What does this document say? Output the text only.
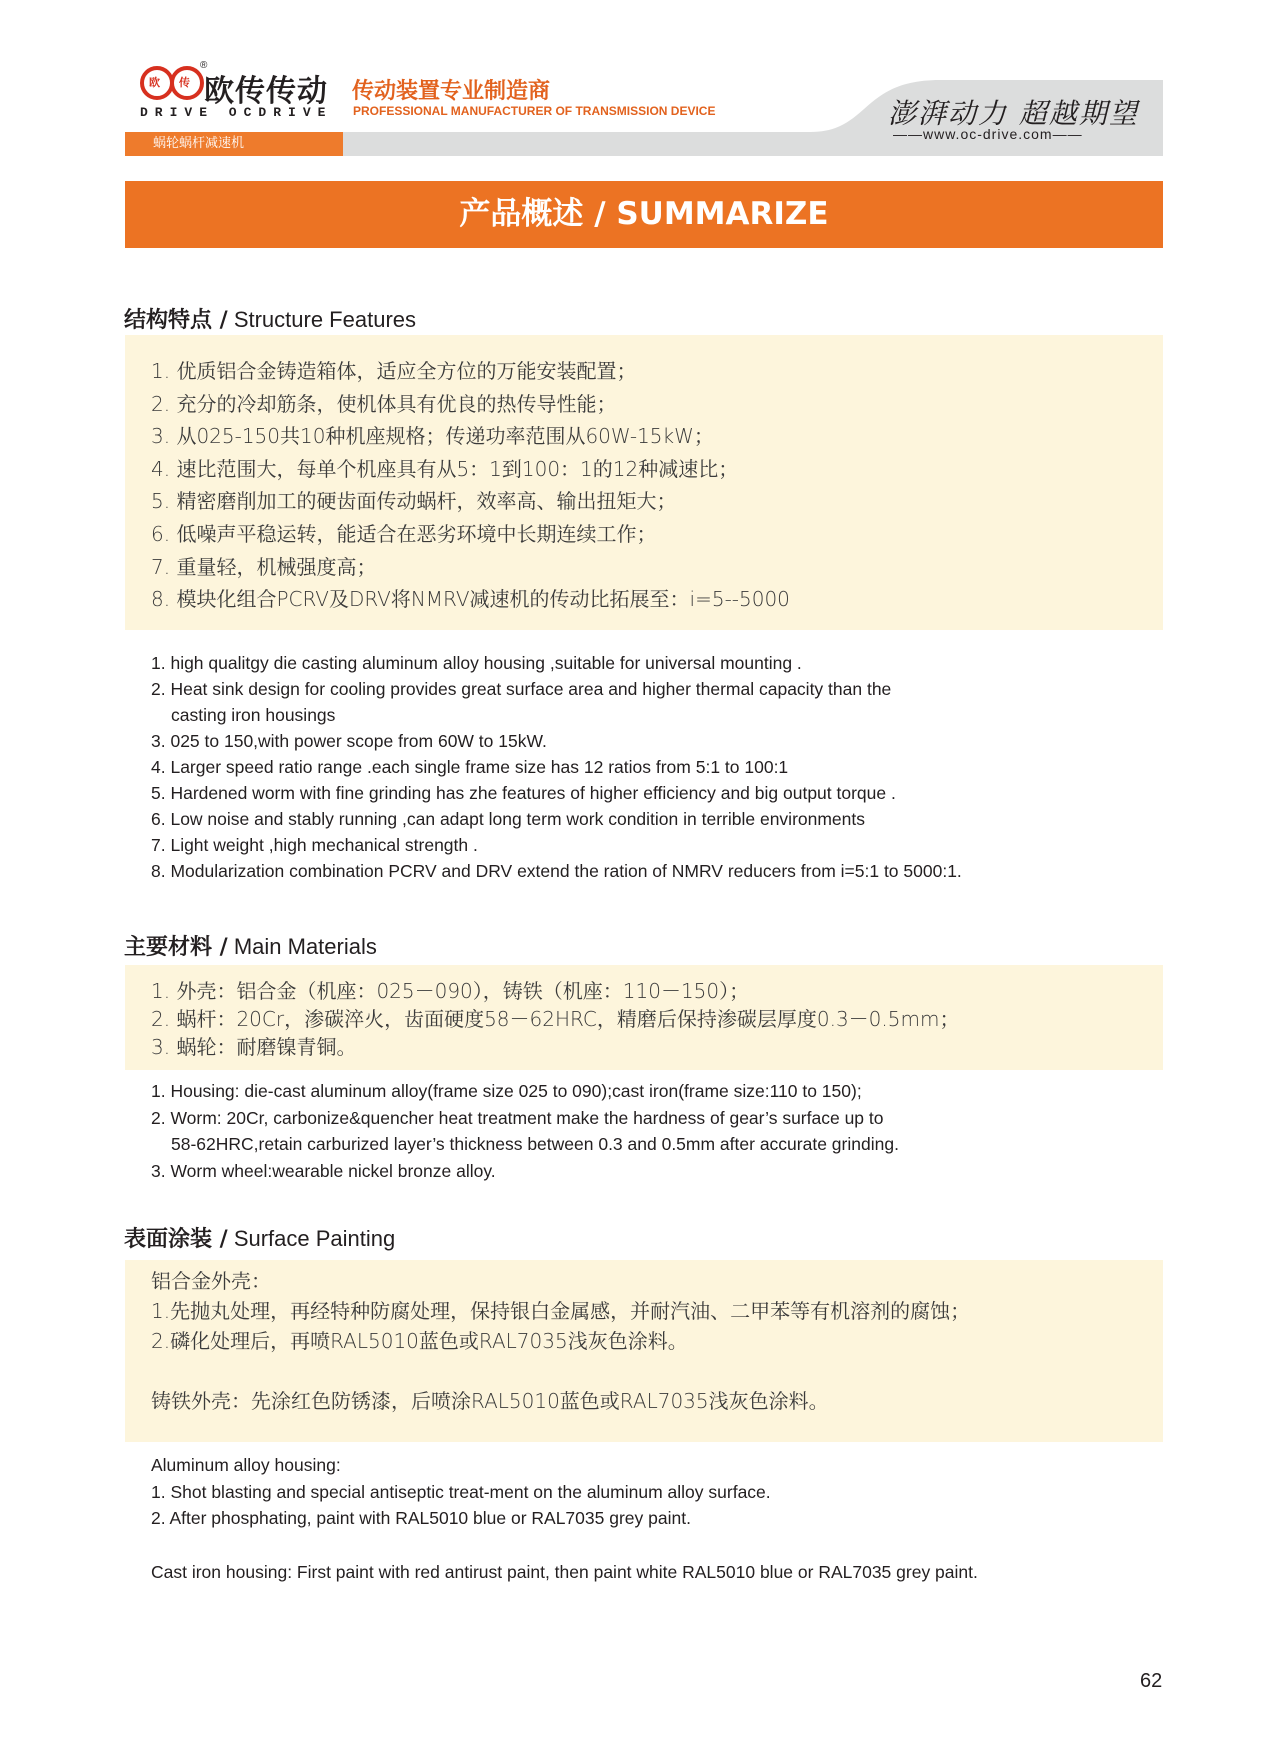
欧 传
®
欧传传动
DRIVE OCDRIVE
传动装置专业制造商
PROFESSIONAL MANUFACTURER OF TRANSMISSION DEVICE	澎湃动力 超越期望
——www.oc-drive.com——
蜗轮蜗杆减速机
产品概述 / SUMMARIZE
结构特点 / Structure Features
1. 优质铝合金铸造箱体，适应全方位的万能安装配置；
2. 充分的冷却筋条，使机体具有优良的热传导性能；
3. 从025-150共10种机座规格；传递功率范围从60W-15kW；
4. 速比范围大，每单个机座具有从5：1到100：1的12种减速比；
5. 精密磨削加工的硬齿面传动蜗杆，效率高、输出扭矩大；
6. 低噪声平稳运转，能适合在恶劣环境中长期连续工作；
7. 重量轻，机械强度高；
8. 模块化组合PCRV及DRV将NMRV减速机的传动比拓展至：i=5--5000
1. high qualitgy die casting aluminum alloy housing ,suitable for universal mounting .
2. Heat sink design for cooling provides great surface area and higher thermal capacity than the
casting iron housings
3. 025 to 150,with power scope from 60W to 15kW.
4. Larger speed ratio range .each single frame size has 12 ratios from 5:1 to 100:1
5. Hardened worm with fine grinding has zhe features of higher efficiency and big output torque .
6. Low noise and stably running ,can adapt long term work condition in terrible environments
7. Light weight ,high mechanical strength .
8. Modularization combination PCRV and DRV extend the ration of NMRV reducers from i=5:1 to 5000:1.
主要材料 / Main Materials
1. 外壳：铝合金（机座：025－090），铸铁（机座：110－150）；
2. 蜗杆：20Cr，渗碳淬火，齿面硬度58－62HRC，精磨后保持渗碳层厚度0.3－0.5mm；
3. 蜗轮：耐磨镍青铜。
1. Housing: die-cast aluminum alloy(frame size 025 to 090);cast iron(frame size:110 to 150);
2. Worm: 20Cr, carbonize&quencher heat treatment make the hardness of gear’s surface up to
58-62HRC,retain carburized layer’s thickness between 0.3 and 0.5mm after accurate grinding.
3. Worm wheel:wearable nickel bronze alloy.
表面涂装 / Surface Painting
铝合金外壳：
1.先抛丸处理，再经特种防腐处理，保持银白金属感，并耐汽油、二甲苯等有机溶剂的腐蚀；
2.磷化处理后，再喷RAL5010蓝色或RAL7035浅灰色涂料。
铸铁外壳：先涂红色防锈漆，后喷涂RAL5010蓝色或RAL7035浅灰色涂料。
Aluminum alloy housing:
1. Shot blasting and special antiseptic treat-ment on the aluminum alloy surface.
2. After phosphating, paint with RAL5010 blue or RAL7035 grey paint.
Cast iron housing: First paint with red antirust paint, then paint white RAL5010 blue or RAL7035 grey paint.
62
